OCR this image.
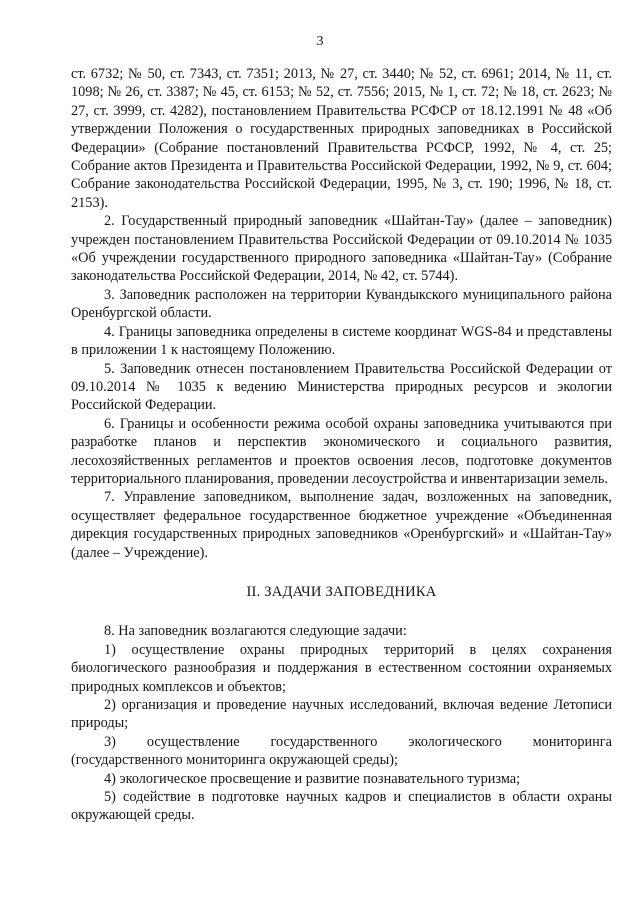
3

ст. 6732; № 50, ст. 7343, ст. 7351; 2013, № 27, ст. 3440; № 52, ст. 6961; 2014, № 11, ст. 1098; № 26, ст. 3387; № 45, ст. 6153; № 52, ст. 7556; 2015, № 1, ст. 72; № 18, ст. 2623; № 27, ст. 3999, ст. 4282), постановлением Правительства РСФСР от 18.12.1991 № 48 «Об утверждении Положения о государственных природных заповедниках в Российской Федерации» (Собрание постановлений Правительства РСФСР, 1992, № 4, ст. 25; Собрание актов Президента и Правительства Российской Федерации, 1992, № 9, ст. 604; Собрание законодательства Российской Федерации, 1995, № 3, ст. 190; 1996, № 18, ст. 2153).

2. Государственный природный заповедник «Шайтан-Тау» (далее – заповедник) учрежден постановлением Правительства Российской Федерации от 09.10.2014 № 1035 «Об учреждении государственного природного заповедника «Шайтан-Тау» (Собрание законодательства Российской Федерации, 2014, № 42, ст. 5744).

3. Заповедник расположен на территории Кувандыкского муниципального района Оренбургской области.

4. Границы заповедника определены в системе координат WGS-84 и представлены в приложении 1 к настоящему Положению.

5. Заповедник отнесен постановлением Правительства Российской Федерации от 09.10.2014 № 1035 к ведению Министерства природных ресурсов и экологии Российской Федерации.

6. Границы и особенности режима особой охраны заповедника учитываются при разработке планов и перспектив экономического и социального развития, лесохозяйственных регламентов и проектов освоения лесов, подготовке документов территориального планирования, проведении лесоустройства и инвентаризации земель.

7. Управление заповедником, выполнение задач, возложенных на заповедник, осуществляет федеральное государственное бюджетное учреждение «Объединенная дирекция государственных природных заповедников «Оренбургский» и «Шайтан-Тау» (далее – Учреждение).

II. ЗАДАЧИ ЗАПОВЕДНИКА

8. На заповедник возлагаются следующие задачи:

1) осуществление охраны природных территорий в целях сохранения биологического разнообразия и поддержания в естественном состоянии охраняемых природных комплексов и объектов;

2) организация и проведение научных исследований, включая ведение Летописи природы;

3) осуществление государственного экологического мониторинга (государственного мониторинга окружающей среды);

4) экологическое просвещение и развитие познавательного туризма;

5) содействие в подготовке научных кадров и специалистов в области охраны окружающей среды.
